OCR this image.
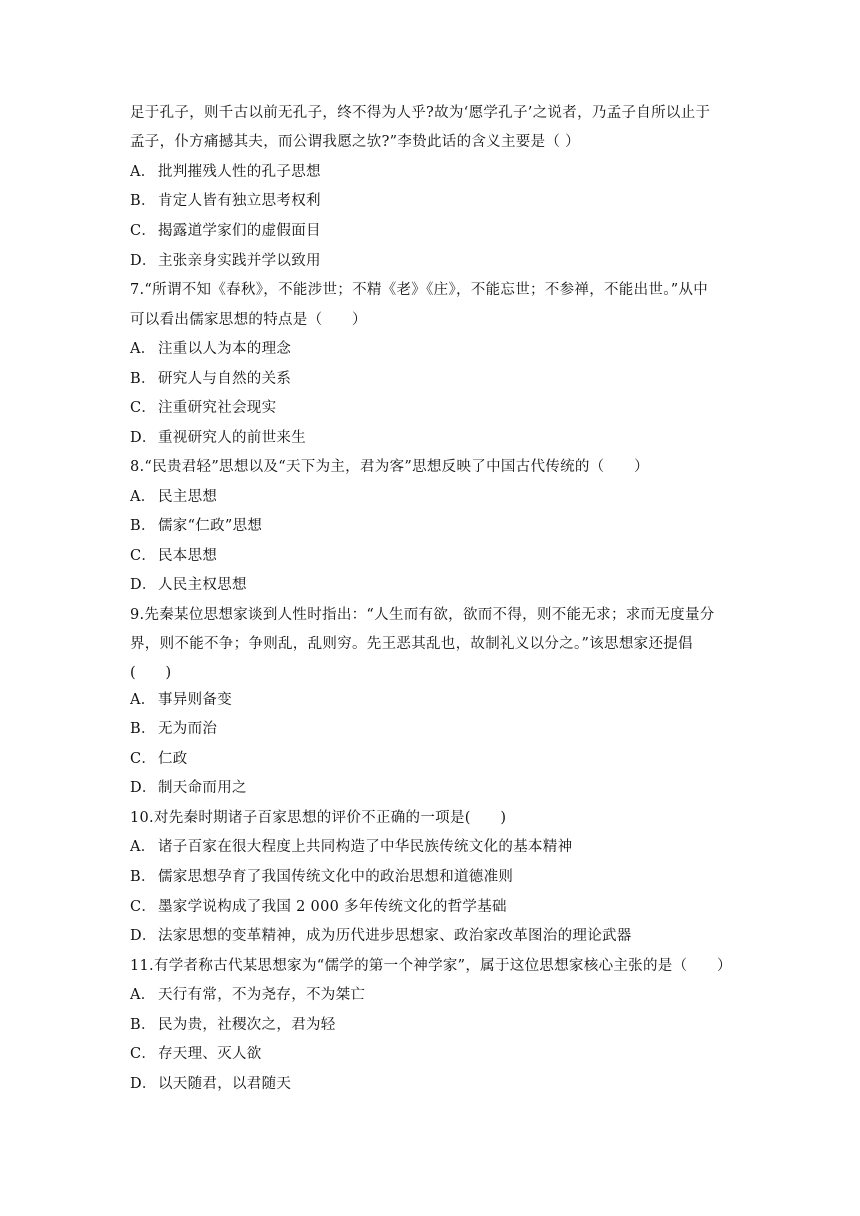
足于孔子，则千古以前无孔子，终不得为人乎?故为‘愿学孔子’之说者，乃孟子自所以止于
孟子，仆方痛撼其夫，而公谓我愿之欤?”李贽此话的含义主要是（ ）
A． 批判摧残人性的孔子思想
B． 肯定人皆有独立思考权利
C． 揭露道学家们的虚假面目
D．主张亲身实践并学以致用
7.“所谓不知《春秋》，不能涉世；不精《老》《庄》，不能忘世；不参禅，不能出世。”从中
可以看出儒家思想的特点是（　　）
A． 注重以人为本的理念
B． 研究人与自然的关系
C． 注重研究社会现实
D．重视研究人的前世来生
8.“民贵君轻”思想以及“天下为主，君为客”思想反映了中国古代传统的（　　）
A． 民主思想
B． 儒家“仁政”思想
C． 民本思想
D．人民主权思想
9.先秦某位思想家谈到人性时指出：“人生而有欲，欲而不得，则不能无求；求而无度量分
界，则不能不争；争则乱，乱则穷。先王恶其乱也，故制礼义以分之。”该思想家还提倡
(　　)
A． 事异则备变
B． 无为而治
C． 仁政
D．制天命而用之
10.对先秦时期诸子百家思想的评价不正确的一项是(　　)
A． 诸子百家在很大程度上共同构造了中华民族传统文化的基本精神
B． 儒家思想孕育了我国传统文化中的政治思想和道德准则
C． 墨家学说构成了我国 2 000 多年传统文化的哲学基础
D．法家思想的变革精神，成为历代进步思想家、政治家改革图治的理论武器
11.有学者称古代某思想家为“儒学的第一个神学家”，属于这位思想家核心主张的是（　　）
A． 天行有常，不为尧存，不为桀亡
B． 民为贵，社稷次之，君为轻
C． 存天理、灭人欲
D．以天随君，以君随天
